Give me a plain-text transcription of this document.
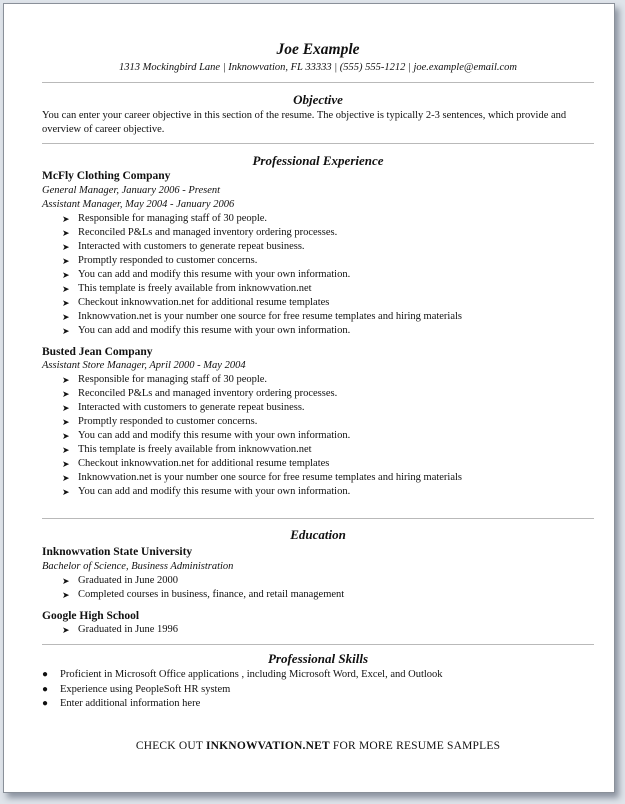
Joe Example
1313 Mockingbird Lane | Inknowvation, FL 33333 | (555) 555-1212 | joe.example@email.com
Objective
You can enter your career objective in this section of the resume. The objective is typically 2-3 sentences, which provide and overview of career objective.
Professional Experience
McFly Clothing Company
General Manager, January 2006 - Present
Assistant Manager, May 2004 - January 2006
➤ Responsible for managing staff of 30 people.
➤ Reconciled P&Ls and managed inventory ordering processes.
➤ Interacted with customers to generate repeat business.
➤ Promptly responded to customer concerns.
➤ You can add and modify this resume with your own information.
➤ This template is freely available from inknowvation.net
➤ Checkout inknowvation.net for additional resume templates
➤ Inknowvation.net is your number one source for free resume templates and hiring materials
➤ You can add and modify this resume with your own information.
Busted Jean Company
Assistant Store Manager, April 2000 - May 2004
➤ Responsible for managing staff of 30 people.
➤ Reconciled P&Ls and managed inventory ordering processes.
➤ Interacted with customers to generate repeat business.
➤ Promptly responded to customer concerns.
➤ You can add and modify this resume with your own information.
➤ This template is freely available from inknowvation.net
➤ Checkout inknowvation.net for additional resume templates
➤ Inknowvation.net is your number one source for free resume templates and hiring materials
➤ You can add and modify this resume with your own information.
Education
Inknowvation State University
Bachelor of Science, Business Administration
➤ Graduated in June 2000
➤ Completed courses in business, finance, and retail management
Google High School
➤ Graduated in June 1996
Professional Skills
● Proficient in Microsoft Office applications , including Microsoft Word, Excel, and Outlook
● Experience using PeopleSoft HR system
● Enter additional information here
CHECK OUT INKNOWVATION.NET FOR MORE RESUME SAMPLES
